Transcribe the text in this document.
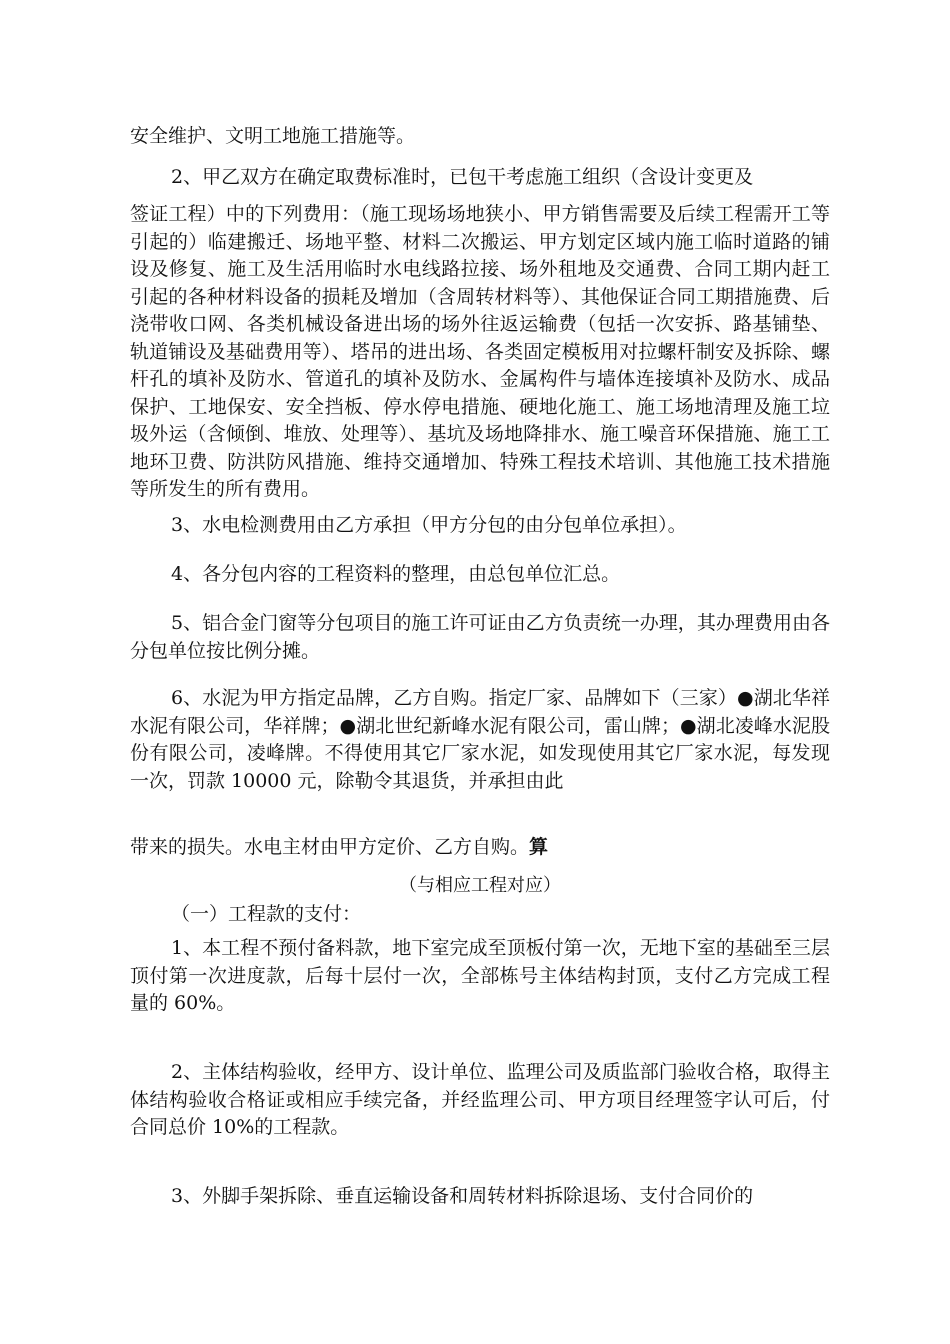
安全维护、文明工地施工措施等。

2、甲乙双方在确定取费标准时，已包干考虑施工组织（含设计变更及

签证工程）中的下列费用：（施工现场场地狭小、甲方销售需要及后续工程需开工等引起的）临建搬迁、场地平整、材料二次搬运、甲方划定区域内施工临时道路的铺设及修复、施工及生活用临时水电线路拉接、场外租地及交通费、合同工期内赶工引起的各种材料设备的损耗及增加（含周转材料等）、其他保证合同工期措施费、后浇带收口网、各类机械设备进出场的场外往返运输费（包括一次安拆、路基铺垫、轨道铺设及基础费用等）、塔吊的进出场、各类固定模板用对拉螺杆制安及拆除、螺杆孔的填补及防水、管道孔的填补及防水、金属构件与墙体连接填补及防水、成品保护、工地保安、安全挡板、停水停电措施、硬地化施工、施工场地清理及施工垃圾外运（含倾倒、堆放、处理等）、基坑及场地降排水、施工噪音环保措施、施工工地环卫费、防洪防风措施、维持交通增加、特殊工程技术培训、其他施工技术措施等所发生的所有费用。

3、水电检测费用由乙方承担（甲方分包的由分包单位承担）。

4、各分包内容的工程资料的整理，由总包单位汇总。

5、铝合金门窗等分包项目的施工许可证由乙方负责统一办理，其办理费用由各分包单位按比例分摊。

6、水泥为甲方指定品牌，乙方自购。指定厂家、品牌如下（三家）●湖北华祥水泥有限公司，华祥牌；●湖北世纪新峰水泥有限公司，雷山牌；●湖北凌峰水泥股份有限公司，凌峰牌。不得使用其它厂家水泥，如发现使用其它厂家水泥，每发现一次，罚款 10000 元，除勒令其退货，并承担由此

带来的损失。水电主材由甲方定价、乙方自购。算

（与相应工程对应）

（一）工程款的支付：

1、本工程不预付备料款，地下室完成至顶板付第一次，无地下室的基础至三层顶付第一次进度款，后每十层付一次，全部栋号主体结构封顶，支付乙方完成工程量的 60%。

2、主体结构验收，经甲方、设计单位、监理公司及质监部门验收合格，取得主体结构验收合格证或相应手续完备，并经监理公司、甲方项目经理签字认可后，付合同总价 10%的工程款。

3、外脚手架拆除、垂直运输设备和周转材料拆除退场、支付合同价的
